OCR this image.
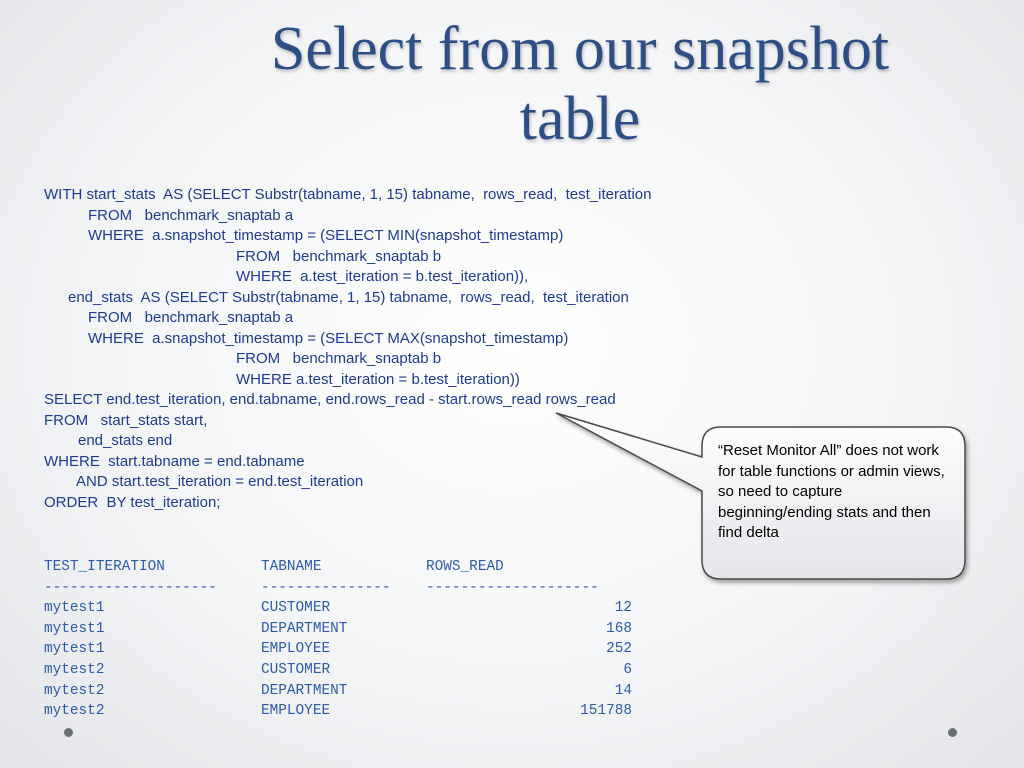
Select from our snapshot
table
WITH start_stats  AS (SELECT Substr(tabname, 1, 15) tabname,  rows_read,  test_iteration
FROM   benchmark_snaptab a
WHERE  a.snapshot_timestamp = (SELECT MIN(snapshot_timestamp)
FROM   benchmark_snaptab b
WHERE  a.test_iteration = b.test_iteration)),
end_stats  AS (SELECT Substr(tabname, 1, 15) tabname,  rows_read,  test_iteration
FROM   benchmark_snaptab a
WHERE  a.snapshot_timestamp = (SELECT MAX(snapshot_timestamp)
FROM   benchmark_snaptab b
WHERE a.test_iteration = b.test_iteration))
SELECT end.test_iteration, end.tabname, end.rows_read - start.rows_read rows_read
FROM   start_stats start,
end_stats end
WHERE  start.tabname = end.tabname
AND start.test_iteration = end.test_iteration
ORDER  BY test_iteration;
“Reset Monitor All” does not work for table functions or admin views, so need to capture beginning/ending stats and then find delta
TEST_ITERATION	TABNAME	ROWS_READ
--------------------	---------------	--------------------
mytest1	CUSTOMER	12
mytest1	DEPARTMENT	168
mytest1	EMPLOYEE	252
mytest2	CUSTOMER	6
mytest2	DEPARTMENT	14
mytest2	EMPLOYEE	151788
